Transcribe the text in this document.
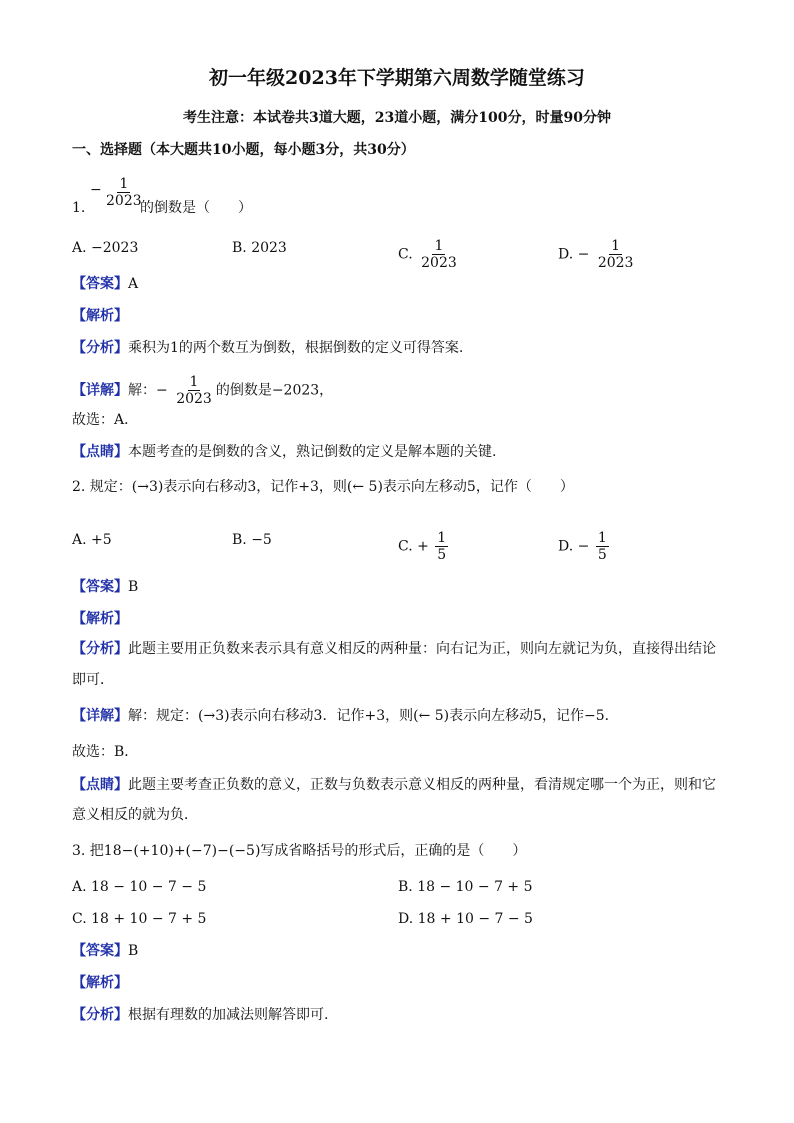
初一年级2023年下学期第六周数学随堂练习
考生注意：本试卷共3道大题，23道小题，满分100分，时量90分钟
一、选择题（本大题共10小题，每小题3分，共30分）
1.
− $\frac{1}{2023}$
的倒数是（　　）
A. −2023	B. 2023	C. $\frac{1}{2023}$	D. − $\frac{1}{2023}$
【答案】A
【解析】
【分析】乘积为1的两个数互为倒数，根据倒数的定义可得答案.
【详解】解：− $\frac{1}{2023}$ 的倒数是−2023，
故选：A．
【点睛】本题考查的是倒数的含义，熟记倒数的定义是解本题的关键.
2. 规定：(→3)表示向右移动3，记作+3，则(← 5)表示向左移动5，记作（　　）
A. +5	B. −5	C. + $\frac{1}{5}$	D. − $\frac{1}{5}$
【答案】B
【解析】
【分析】此题主要用正负数来表示具有意义相反的两种量：向右记为正，则向左就记为负，直接得出结论
即可．
【详解】解：规定：(→3)表示向右移动3．记作+3，则(← 5)表示向左移动5，记作−5．
故选：B．
【点睛】此题主要考查正负数的意义，正数与负数表示意义相反的两种量，看清规定哪一个为正，则和它
意义相反的就为负．
3. 把18−(+10)+(−7)−(−5)写成省略括号的形式后，正确的是（　　）
A. 18 − 10 − 7 − 5	B. 18 − 10 − 7 + 5
C. 18 + 10 − 7 + 5	D. 18 + 10 − 7 − 5
【答案】B
【解析】
【分析】根据有理数的加减法则解答即可.
